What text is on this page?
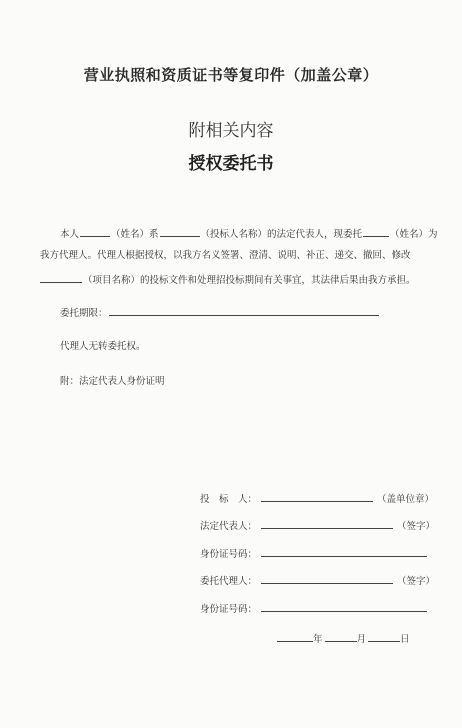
营业执照和资质证书等复印件（加盖公章）
附相关内容
授权委托书
本人	（姓名）系	（投标人名称）的法定代表人，现委托	（姓名）为
我方代理人。代理人根据授权，以我方名义签署、澄清、说明、补正、递交、撤回、修改
（项目名称）的投标文件和处理招投标期间有关事宜，其法律后果由我方承担。
委托期限：
代理人无转委托权。
附：法定代表人身份证明
投　标　人：	（盖单位章）
法定代表人：	（签字）
身份证号码：
委托代理人：	（签字）
身份证号码：
年	月	日
